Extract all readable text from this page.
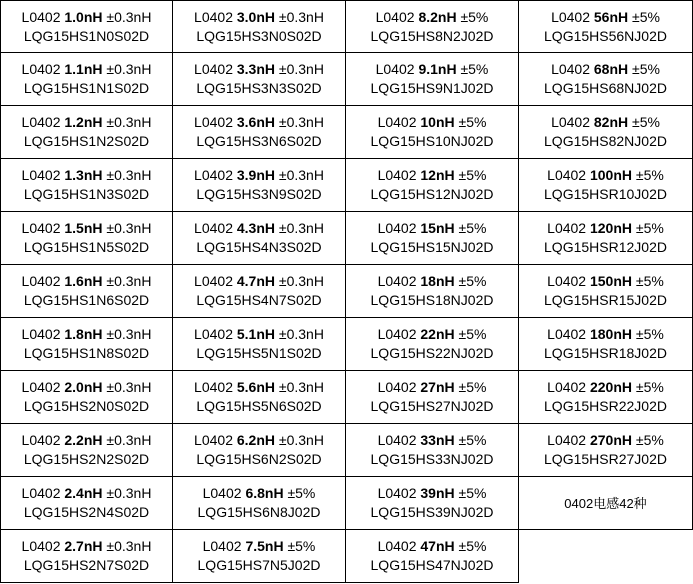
L0402 1.0nH ±0.3nH
LQG15HS1N0S02D
L0402 3.0nH ±0.3nH
LQG15HS3N0S02D
L0402 8.2nH ±5%
LQG15HS8N2J02D
L0402 56nH ±5%
LQG15HS56NJ02D
L0402 1.1nH ±0.3nH
LQG15HS1N1S02D
L0402 3.3nH ±0.3nH
LQG15HS3N3S02D
L0402 9.1nH ±5%
LQG15HS9N1J02D
L0402 68nH ±5%
LQG15HS68NJ02D
L0402 1.2nH ±0.3nH
LQG15HS1N2S02D
L0402 3.6nH ±0.3nH
LQG15HS3N6S02D
L0402 10nH ±5%
LQG15HS10NJ02D
L0402 82nH ±5%
LQG15HS82NJ02D
L0402 1.3nH ±0.3nH
LQG15HS1N3S02D
L0402 3.9nH ±0.3nH
LQG15HS3N9S02D
L0402 12nH ±5%
LQG15HS12NJ02D
L0402 100nH ±5%
LQG15HSR10J02D
L0402 1.5nH ±0.3nH
LQG15HS1N5S02D
L0402 4.3nH ±0.3nH
LQG15HS4N3S02D
L0402 15nH ±5%
LQG15HS15NJ02D
L0402 120nH ±5%
LQG15HSR12J02D
L0402 1.6nH ±0.3nH
LQG15HS1N6S02D
L0402 4.7nH ±0.3nH
LQG15HS4N7S02D
L0402 18nH ±5%
LQG15HS18NJ02D
L0402 150nH ±5%
LQG15HSR15J02D
L0402 1.8nH ±0.3nH
LQG15HS1N8S02D
L0402 5.1nH ±0.3nH
LQG15HS5N1S02D
L0402 22nH ±5%
LQG15HS22NJ02D
L0402 180nH ±5%
LQG15HSR18J02D
L0402 2.0nH ±0.3nH
LQG15HS2N0S02D
L0402 5.6nH ±0.3nH
LQG15HS5N6S02D
L0402 27nH ±5%
LQG15HS27NJ02D
L0402 220nH ±5%
LQG15HSR22J02D
L0402 2.2nH ±0.3nH
LQG15HS2N2S02D
L0402 6.2nH ±0.3nH
LQG15HS6N2S02D
L0402 33nH ±5%
LQG15HS33NJ02D
L0402 270nH ±5%
LQG15HSR27J02D
L0402 2.4nH ±0.3nH
LQG15HS2N4S02D
L0402 6.8nH ±5%
LQG15HS6N8J02D
L0402 39nH ±5%
LQG15HS39NJ02D
0402电感42种
L0402 2.7nH ±0.3nH
LQG15HS2N7S02D
L0402 7.5nH ±5%
LQG15HS7N5J02D
L0402 47nH ±5%
LQG15HS47NJ02D
